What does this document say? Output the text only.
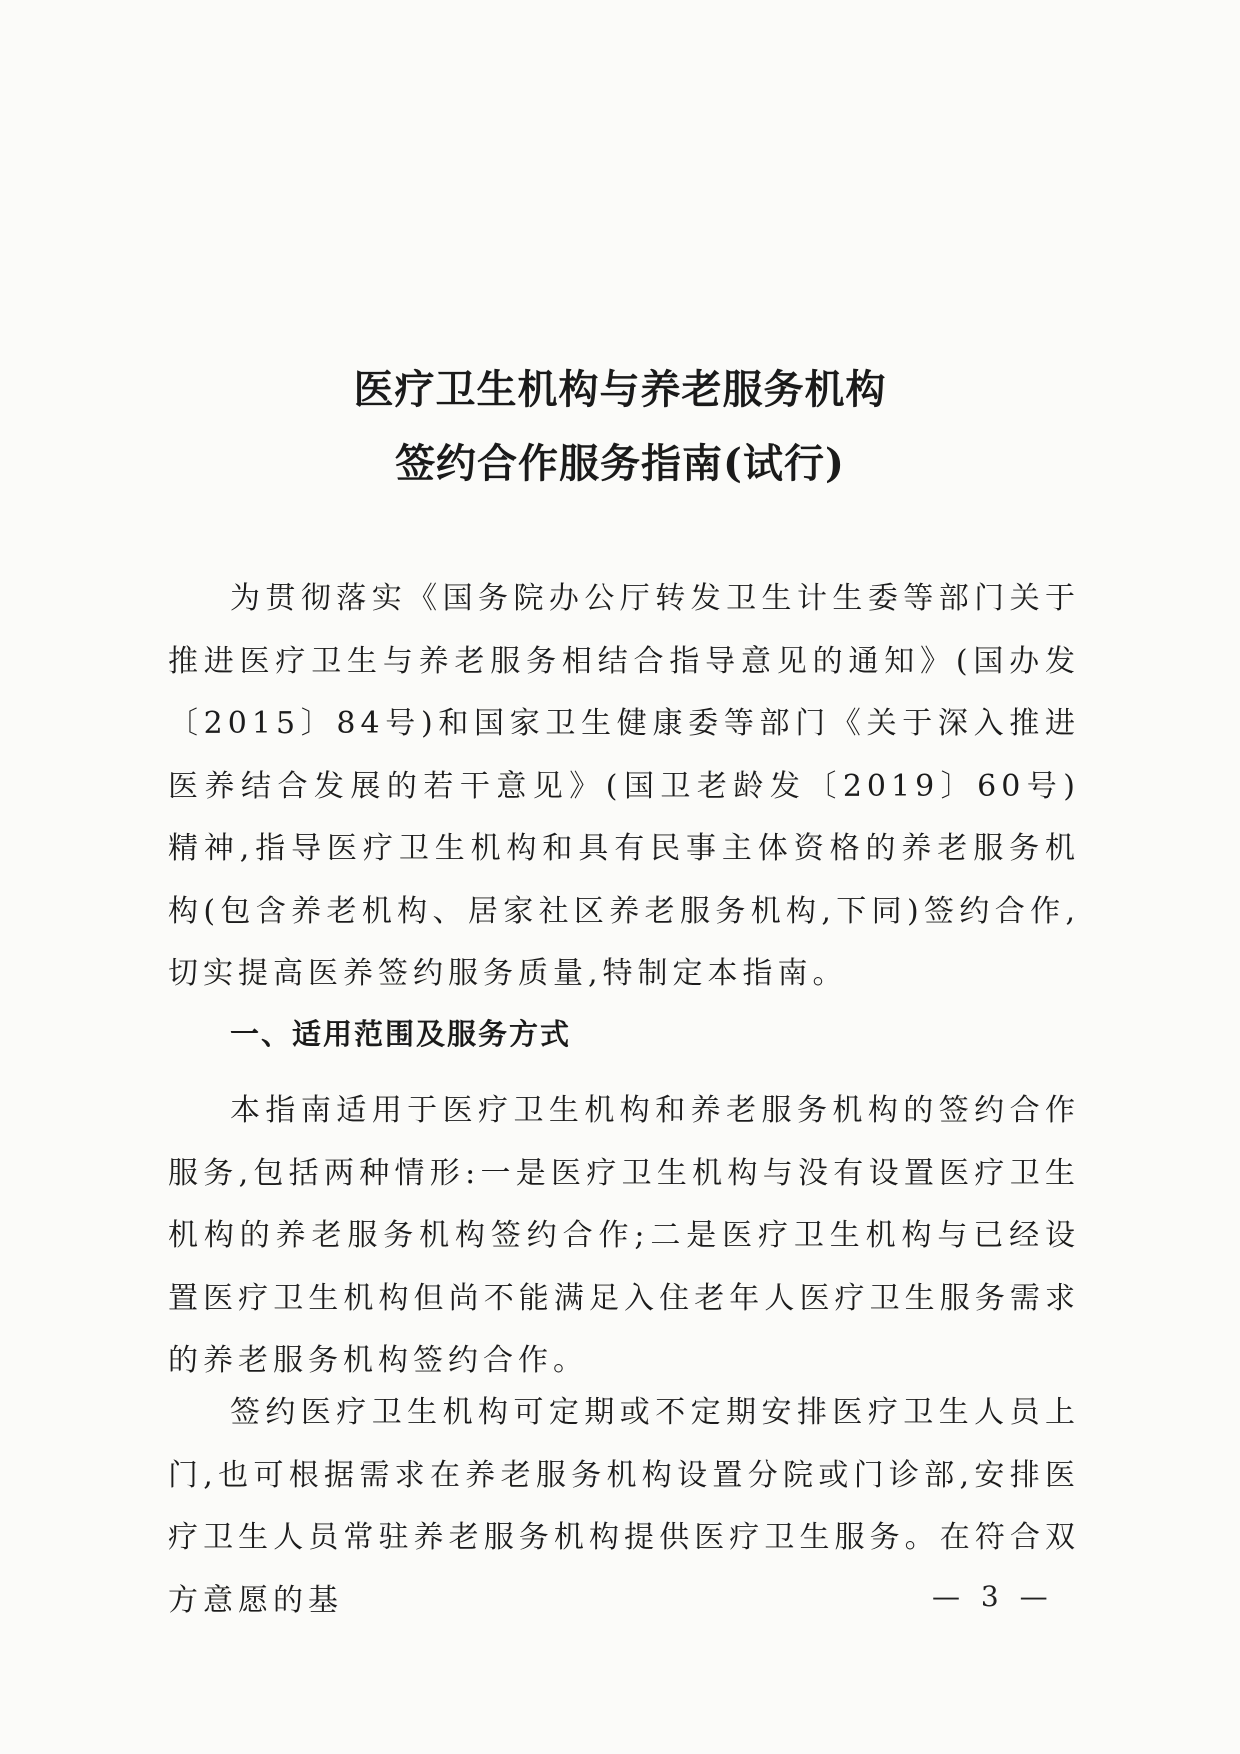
医疗卫生机构与养老服务机构
签约合作服务指南(试行)

为贯彻落实《国务院办公厅转发卫生计生委等部门关于推进医疗卫生与养老服务相结合指导意见的通知》(国办发〔2015〕84号)和国家卫生健康委等部门《关于深入推进医养结合发展的若干意见》(国卫老龄发〔2019〕60号)精神,指导医疗卫生机构和具有民事主体资格的养老服务机构(包含养老机构、居家社区养老服务机构,下同)签约合作,切实提高医养签约服务质量,特制定本指南。

一、适用范围及服务方式

本指南适用于医疗卫生机构和养老服务机构的签约合作服务,包括两种情形:一是医疗卫生机构与没有设置医疗卫生机构的养老服务机构签约合作;二是医疗卫生机构与已经设置医疗卫生机构但尚不能满足入住老年人医疗卫生服务需求的养老服务机构签约合作。

签约医疗卫生机构可定期或不定期安排医疗卫生人员上门,也可根据需求在养老服务机构设置分院或门诊部,安排医疗卫生人员常驻养老服务机构提供医疗卫生服务。在符合双方意愿的基	— 3 —
